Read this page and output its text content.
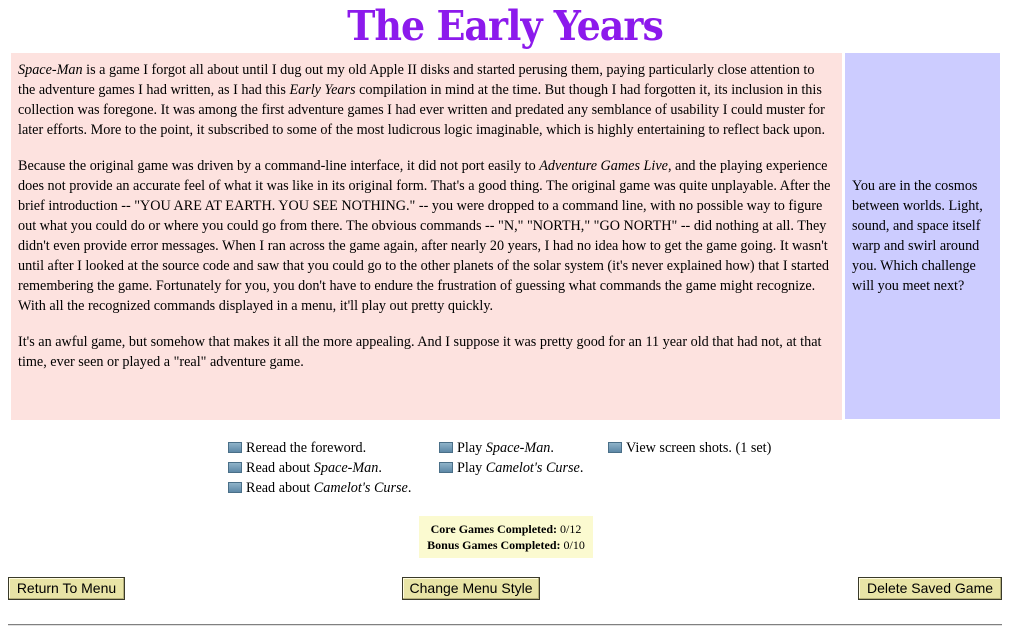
The Early Years

Space-Man is a game I forgot all about until I dug out my old Apple II disks and started perusing them, paying particularly close attention to the adventure games I had written, as I had this Early Years compilation in mind at the time. But though I had forgotten it, its inclusion in this collection was foregone. It was among the first adventure games I had ever written and predated any semblance of usability I could muster for later efforts. More to the point, it subscribed to some of the most ludicrous logic imaginable, which is highly entertaining to reflect back upon.

Because the original game was driven by a command-line interface, it did not port easily to Adventure Games Live, and the playing experience does not provide an accurate feel of what it was like in its original form. That's a good thing. The original game was quite unplayable. After the brief introduction -- "YOU ARE AT EARTH. YOU SEE NOTHING." -- you were dropped to a command line, with no possible way to figure out what you could do or where you could go from there. The obvious commands -- "N," "NORTH," "GO NORTH" -- did nothing at all. They didn't even provide error messages. When I ran across the game again, after nearly 20 years, I had no idea how to get the game going. It wasn't until after I looked at the source code and saw that you could go to the other planets of the solar system (it's never explained how) that I started remembering the game. Fortunately for you, you don't have to endure the frustration of guessing what commands the game might recognize. With all the recognized commands displayed in a menu, it'll play out pretty quickly.

It's an awful game, but somehow that makes it all the more appealing. And I suppose it was pretty good for an 11 year old that had not, at that time, ever seen or played a "real" adventure game.

You are in the cosmos between worlds. Light, sound, and space itself warp and swirl around you. Which challenge will you meet next?
Reread the foreword.
Read about Space-Man.
Read about Camelot's Curse.
Play Space-Man.
Play Camelot's Curse.
View screen shots. (1 set)
Core Games Completed: 0/12
Bonus Games Completed: 0/10
Return To Menu	Change Menu Style	Delete Saved Game
